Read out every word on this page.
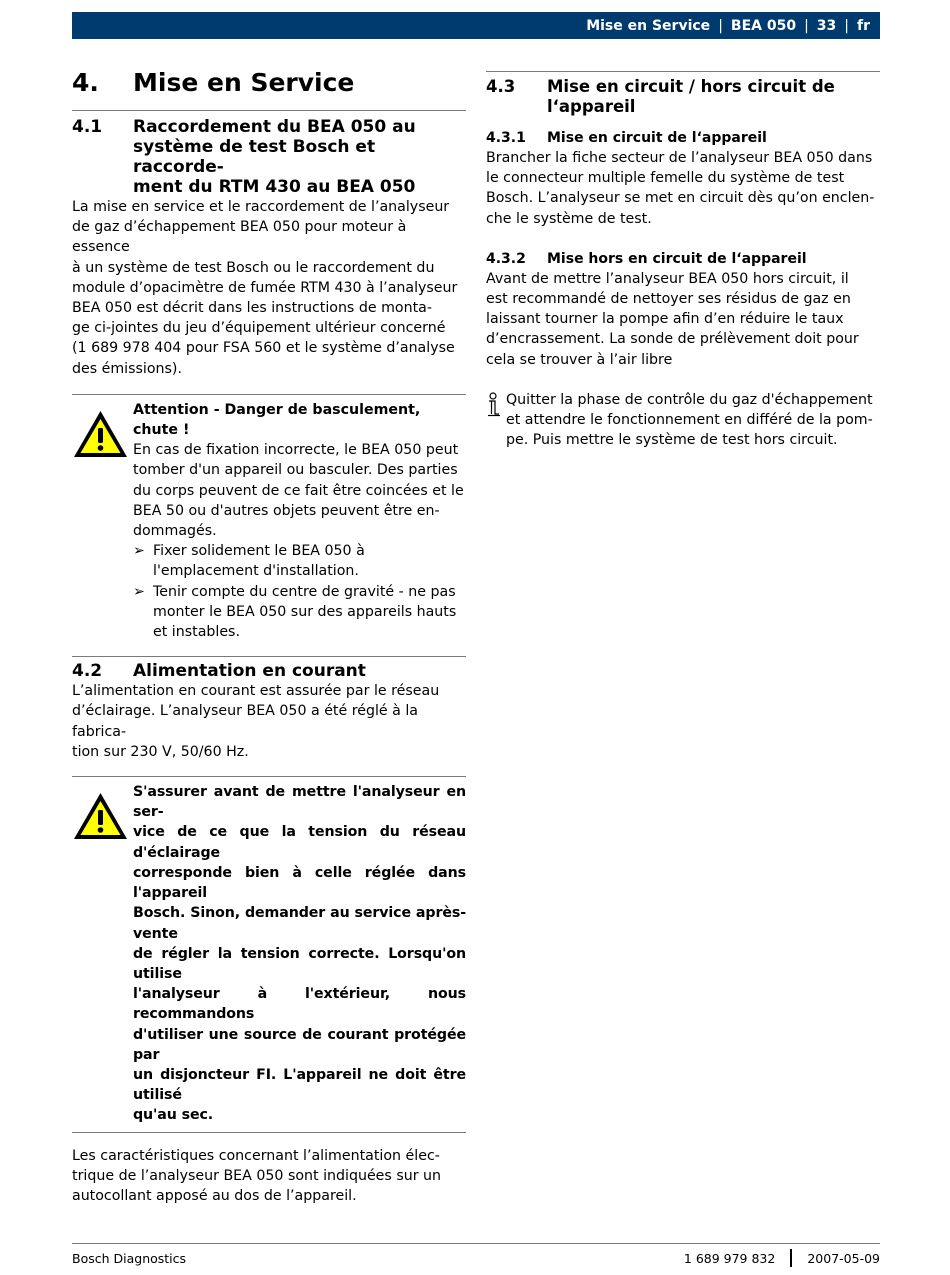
Mise en Service | BEA 050 | 33 | fr
4.	Mise en Service
4.1	Raccordement du BEA 050 au
système de test Bosch et raccorde-
ment du RTM 430 au BEA 050
La mise en service et le raccordement de l’analyseur
de gaz d’échappement BEA 050 pour moteur à essence
à un système de test Bosch ou le raccordement du
module d’opacimètre de fumée RTM 430 à l’analyseur
BEA 050 est décrit dans les instructions de monta-
ge ci-jointes du jeu d’équipement ultérieur concerné
(1 689 978 404 pour FSA 560 et le système d’analyse
des émissions).
Attention - Danger de basculement, chute !
En cas de fixation incorrecte, le BEA 050 peut
tomber d'un appareil ou basculer. Des parties
du corps peuvent de ce fait être coincées et le
BEA 50 ou d'autres objets peuvent être en-
dommagés.
➢ Fixer solidement le BEA 050 à
l'emplacement d'installation.
➢ Tenir compte du centre de gravité - ne pas
monter le BEA 050 sur des appareils hauts
et instables.
4.2	Alimentation en courant
L’alimentation en courant est assurée par le réseau
d’éclairage. L’analyseur BEA 050 a été réglé à la fabrica-
tion sur 230 V, 50/60 Hz.
S'assurer avant de mettre l'analyseur en ser-
vice de ce que la tension du réseau d'éclairage
corresponde bien à celle réglée dans l'appareil
Bosch. Sinon, demander au service après-vente
de régler la tension correcte. Lorsqu'on utilise
l'analyseur à l'extérieur, nous recommandons
d'utiliser une source de courant protégée par
un disjoncteur FI. L'appareil ne doit être utilisé
qu'au sec.
Les caractéristiques concernant l’alimentation élec-
trique de l’analyseur BEA 050 sont indiquées sur un
autocollant apposé au dos de l’appareil.
4.3	Mise en circuit / hors circuit de l‘appareil
4.3.1	Mise en circuit de l‘appareil
Brancher la fiche secteur de l’analyseur BEA 050 dans
le connecteur multiple femelle du système de test
Bosch. L’analyseur se met en circuit dès qu’on enclen-
che le système de test.
4.3.2	Mise hors en circuit de l‘appareil
Avant de mettre l’analyseur BEA 050 hors circuit, il
est recommandé de nettoyer ses résidus de gaz en
laissant tourner la pompe afin d’en réduire le taux
d’encrassement. La sonde de prélèvement doit pour
cela se trouver à l’air libre
Quitter la phase de contrôle du gaz d'échappement
et attendre le fonctionnement en différé de la pom-
pe. Puis mettre le système de test hors circuit.
Bosch Diagnostics	1 689 979 832	2007-05-09
